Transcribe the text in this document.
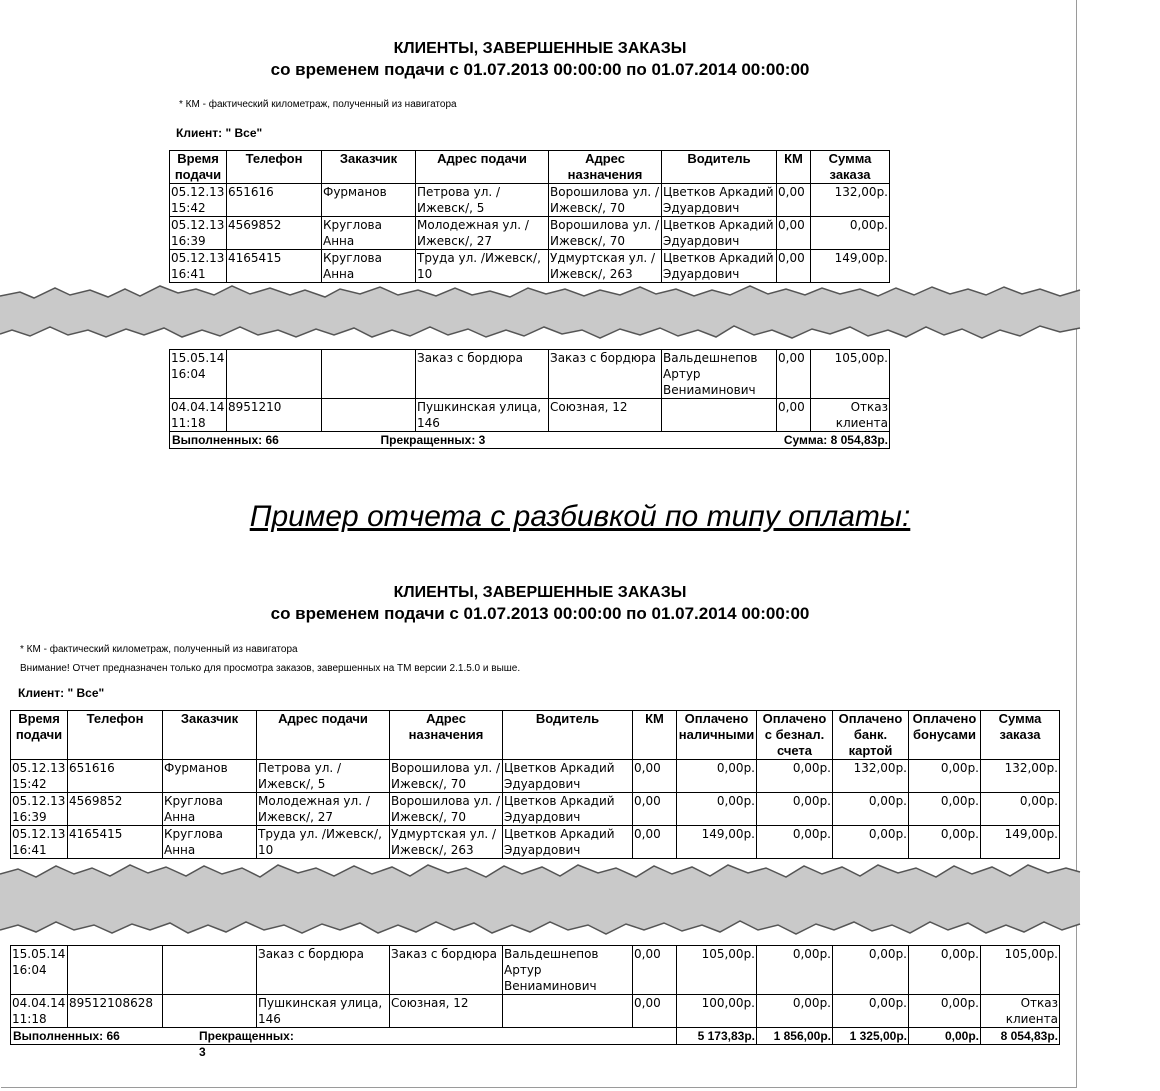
КЛИЕНТЫ, ЗАВЕРШЕННЫЕ ЗАКАЗЫ
со временем подачи с 01.07.2013 00:00:00 по 01.07.2014 00:00:00
* КМ - фактический километраж, полученный из навигатора
Клиент: " Все"
Время подачи	Телефон	Заказчик	Адрес подачи	Адрес назначения	Водитель	КМ	Сумма заказа
05.12.13 15:42	651616	Фурманов	Петрова ул. /Ижевск/, 5	Ворошилова ул. /Ижевск/, 70	Цветков Аркадий Эдуардович	0,00	132,00р.
05.12.13 16:39	4569852	Круглова Анна	Молодежная ул. /Ижевск/, 27	Ворошилова ул. /Ижевск/, 70	Цветков Аркадий Эдуардович	0,00	0,00р.
05.12.13 16:41	4165415	Круглова Анна	Труда ул. /Ижевск/, 10	Удмуртская ул. /Ижевск/, 263	Цветков Аркадий Эдуардович	0,00	149,00р.
15.05.14 16:04			Заказ с бордюра	Заказ с бордюра	Вальдешнепов Артур Вениаминович	0,00	105,00р.
04.04.14 11:18	8951210		Пушкинская улица, 146	Союзная, 12		0,00	Отказ клиента
Выполненных: 66			Прекращенных: 3			Сумма: 8 054,83р.	
Пример отчета с разбивкой по типу оплаты:
КЛИЕНТЫ, ЗАВЕРШЕННЫЕ ЗАКАЗЫ
со временем подачи с 01.07.2013 00:00:00 по 01.07.2014 00:00:00
* КМ - фактический километраж, полученный из навигатора
Внимание! Отчет предназначен только для просмотра заказов, завершенных на ТМ версии 2.1.5.0 и выше.
Клиент: " Все"
Время подачи	Телефон	Заказчик	Адрес подачи	Адрес назначения	Водитель	КМ	Оплачено наличными	Оплачено с безнал. счета	Оплачено банк. картой	Оплачено бонусами	Сумма заказа
05.12.13 15:42	651616	Фурманов	Петрова ул. /Ижевск/, 5	Ворошилова ул. /Ижевск/, 70	Цветков Аркадий Эдуардович	0,00	0,00р.	0,00р.	132,00р.	0,00р.	132,00р.
05.12.13 16:39	4569852	Круглова Анна	Молодежная ул. /Ижевск/, 27	Ворошилова ул. /Ижевск/, 70	Цветков Аркадий Эдуардович	0,00	0,00р.	0,00р.	0,00р.	0,00р.	0,00р.
05.12.13 16:41	4165415	Круглова Анна	Труда ул. /Ижевск/, 10	Удмуртская ул. /Ижевск/, 263	Цветков Аркадий Эдуардович	0,00	149,00р.	0,00р.	0,00р.	0,00р.	149,00р.
15.05.14 16:04			Заказ с бордюра	Заказ с бордюра	Вальдешнепов Артур Вениаминович	0,00	105,00р.	0,00р.	0,00р.	0,00р.	105,00р.
04.04.14 11:18	89512108628		Пушкинская улица, 146	Союзная, 12		0,00	100,00р.	0,00р.	0,00р.	0,00р.	Отказ клиента
Выполненных: 66 Прекращенных: 3							5 173,83р.	1 856,00р.	1 325,00р.	0,00р.	8 054,83р.
